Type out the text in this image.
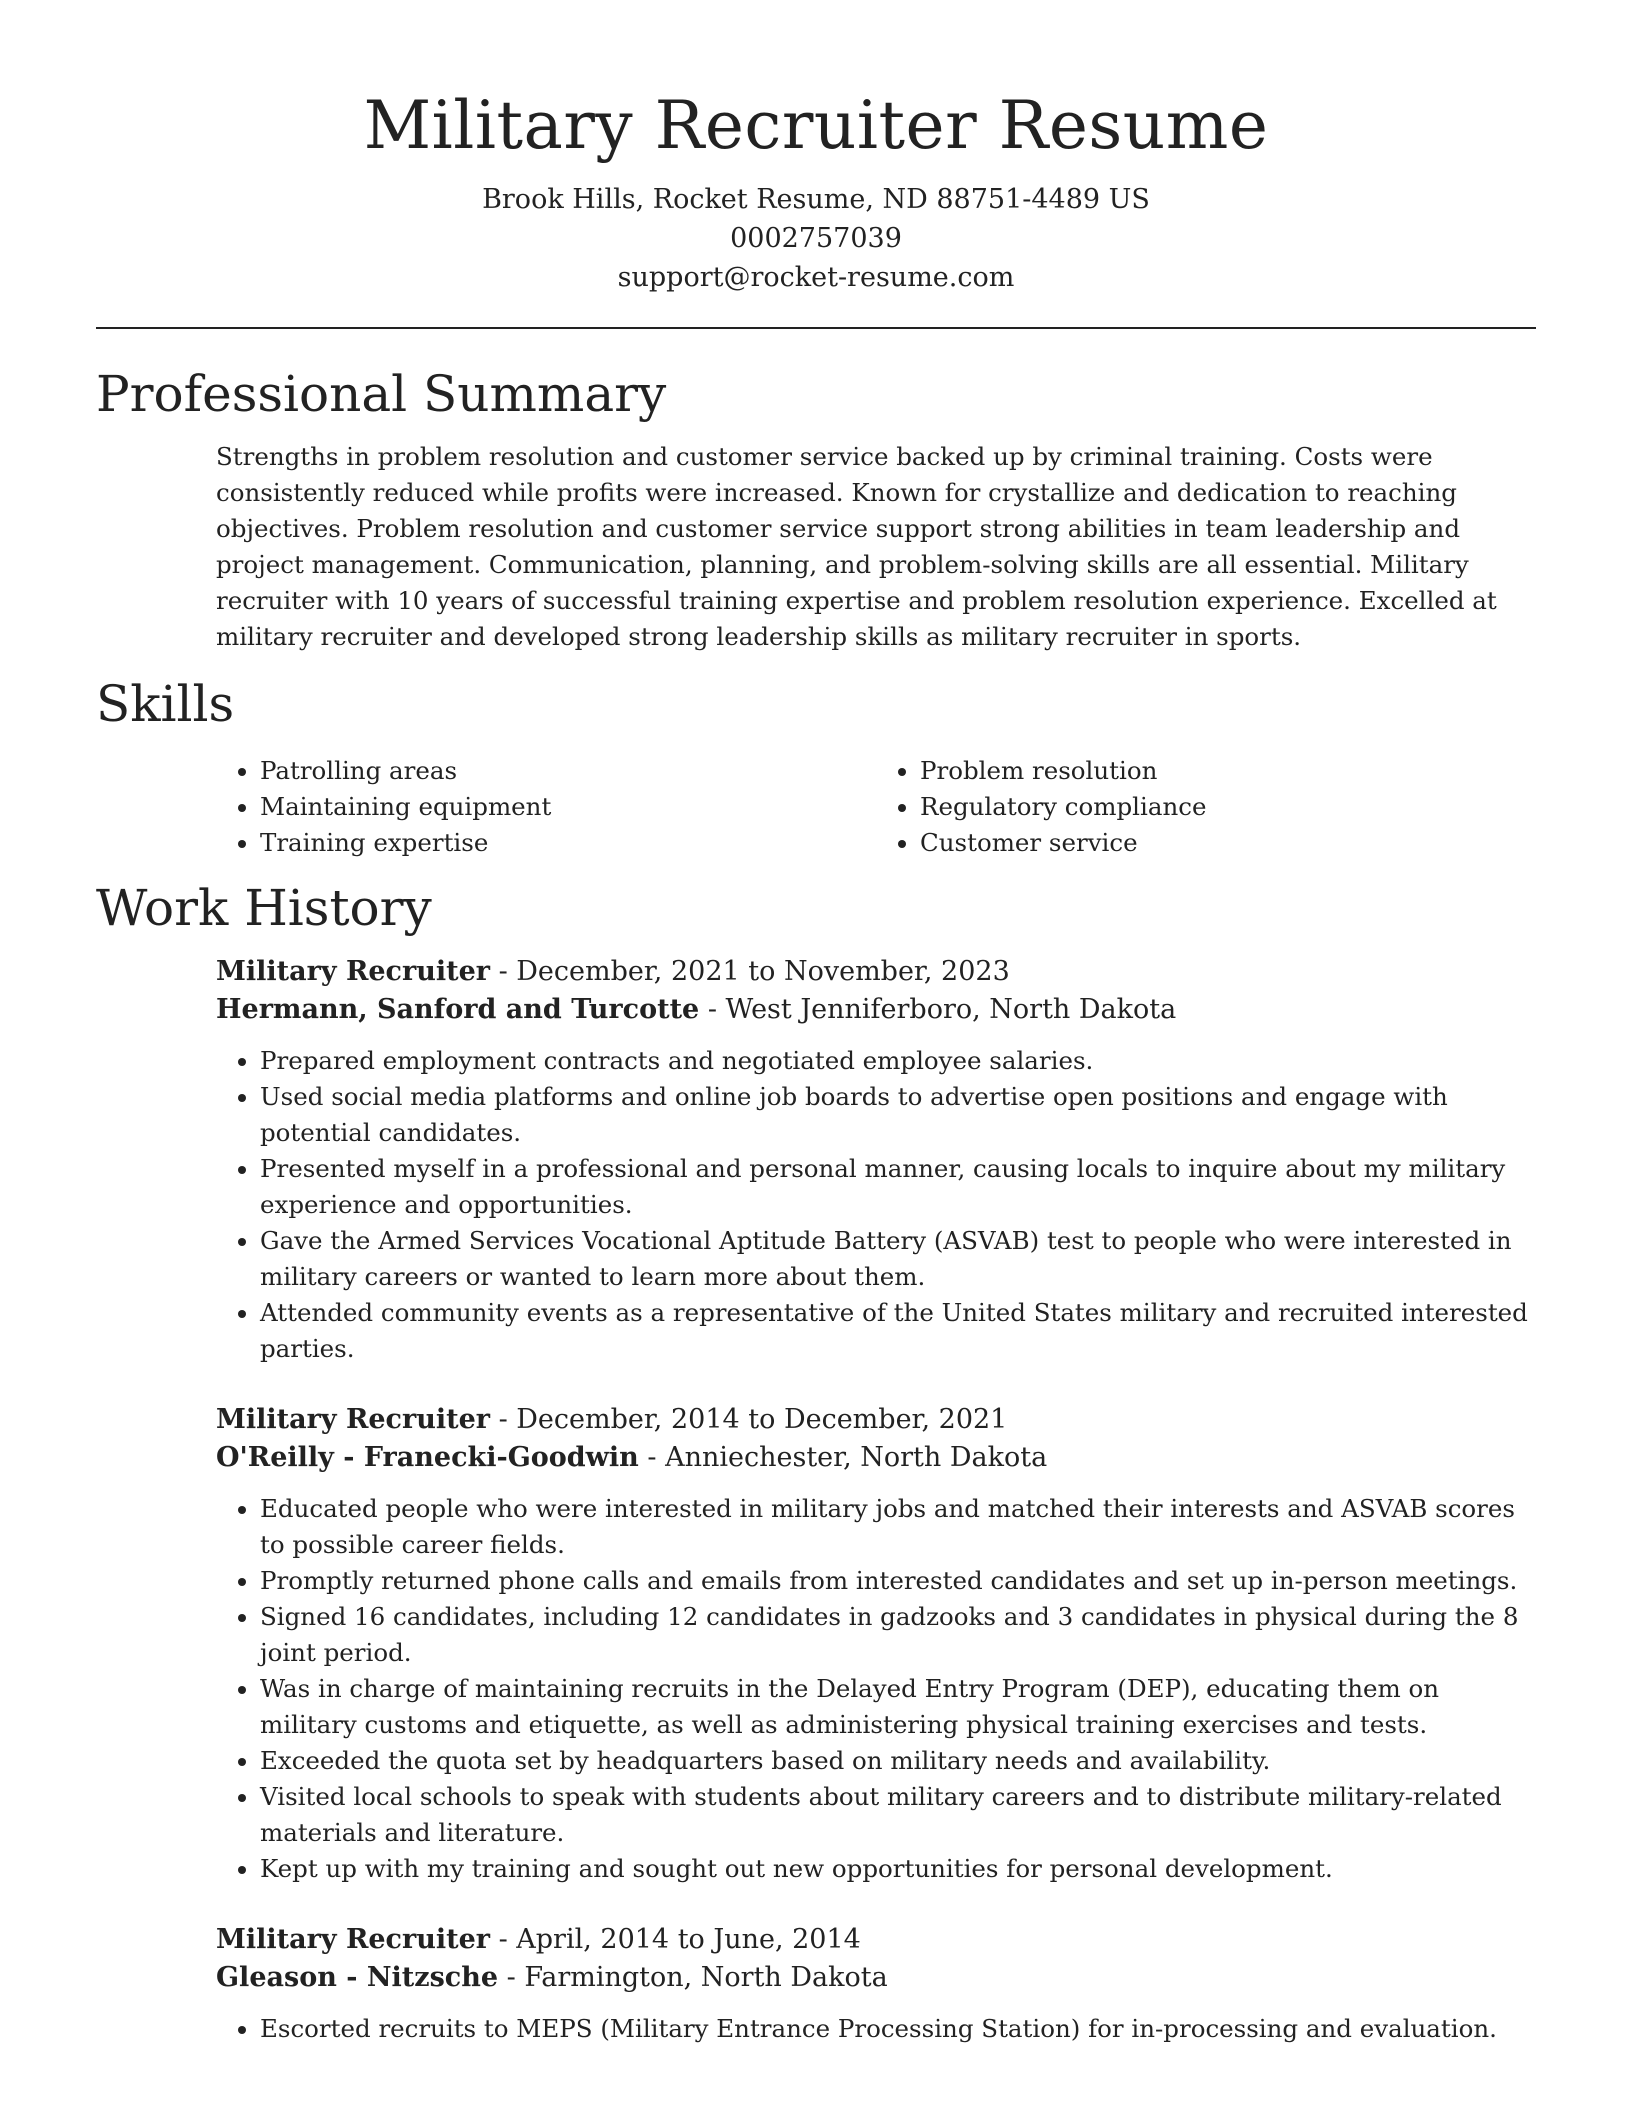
Military Recruiter Resume
Brook Hills, Rocket Resume, ND 88751-4489 US
0002757039
support@rocket-resume.com
Professional Summary
Strengths in problem resolution and customer service backed up by criminal training. Costs were consistently reduced while profits were increased. Known for crystallize and dedication to reaching objectives. Problem resolution and customer service support strong abilities in team leadership and project management. Communication, planning, and problem-solving skills are all essential. Military recruiter with 10 years of successful training expertise and problem resolution experience. Excelled at military recruiter and developed strong leadership skills as military recruiter in sports.
Skills
• Patrolling areas
• Maintaining equipment
• Training expertise
• Problem resolution
• Regulatory compliance
• Customer service
Work History
Military Recruiter - December, 2021 to November, 2023
Hermann, Sanford and Turcotte - West Jenniferboro, North Dakota
• Prepared employment contracts and negotiated employee salaries.
• Used social media platforms and online job boards to advertise open positions and engage with potential candidates.
• Presented myself in a professional and personal manner, causing locals to inquire about my military experience and opportunities.
• Gave the Armed Services Vocational Aptitude Battery (ASVAB) test to people who were interested in military careers or wanted to learn more about them.
• Attended community events as a representative of the United States military and recruited interested parties.
Military Recruiter - December, 2014 to December, 2021
O'Reilly - Franecki-Goodwin - Anniechester, North Dakota
• Educated people who were interested in military jobs and matched their interests and ASVAB scores to possible career fields.
• Promptly returned phone calls and emails from interested candidates and set up in-person meetings.
• Signed 16 candidates, including 12 candidates in gadzooks and 3 candidates in physical during the 8 joint period.
• Was in charge of maintaining recruits in the Delayed Entry Program (DEP), educating them on military customs and etiquette, as well as administering physical training exercises and tests.
• Exceeded the quota set by headquarters based on military needs and availability.
• Visited local schools to speak with students about military careers and to distribute military-related materials and literature.
• Kept up with my training and sought out new opportunities for personal development.
Military Recruiter - April, 2014 to June, 2014
Gleason - Nitzsche - Farmington, North Dakota
• Escorted recruits to MEPS (Military Entrance Processing Station) for in-processing and evaluation.
